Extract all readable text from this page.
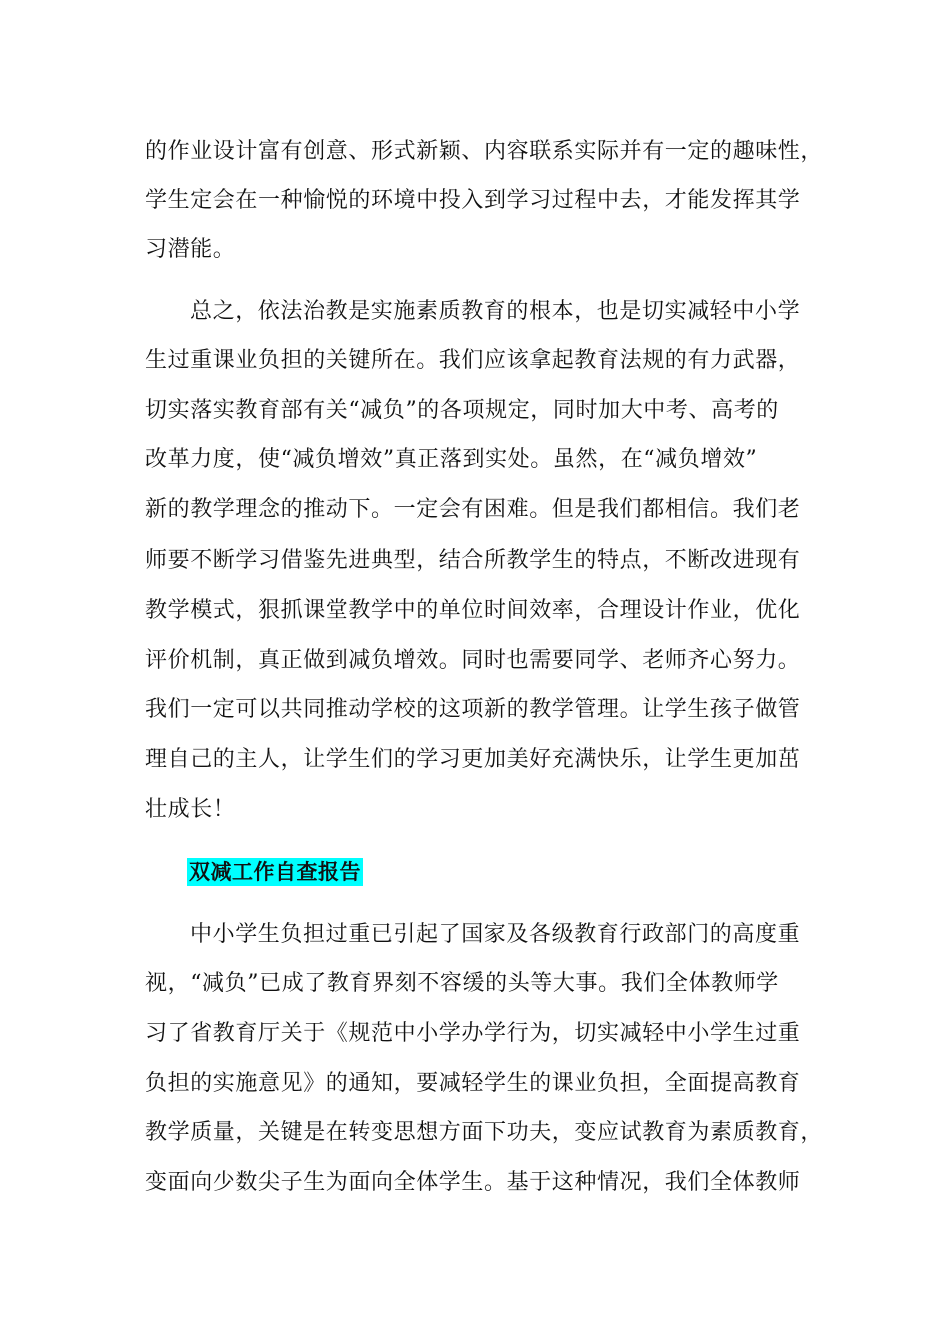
的作业设计富有创意、形式新颖、内容联系实际并有一定的趣味性，
学生定会在一种愉悦的环境中投入到学习过程中去，才能发挥其学
习潜能。
总之，依法治教是实施素质教育的根本，也是切实减轻中小学
生过重课业负担的关键所在。我们应该拿起教育法规的有力武器，
切实落实教育部有关“减负”的各项规定，同时加大中考、高考的
改革力度，使“减负增效”真正落到实处。虽然，在“减负增效”
新的教学理念的推动下。一定会有困难。但是我们都相信。我们老
师要不断学习借鉴先进典型，结合所教学生的特点，不断改进现有
教学模式，狠抓课堂教学中的单位时间效率，合理设计作业，优化
评价机制，真正做到减负增效。同时也需要同学、老师齐心努力。
我们一定可以共同推动学校的这项新的教学管理。让学生孩子做管
理自己的主人，让学生们的学习更加美好充满快乐，让学生更加茁
壮成长！
双减工作自查报告
中小学生负担过重已引起了国家及各级教育行政部门的高度重
视，“减负”已成了教育界刻不容缓的头等大事。我们全体教师学
习了省教育厅关于《规范中小学办学行为，切实减轻中小学生过重
负担的实施意见》的通知，要减轻学生的课业负担，全面提高教育
教学质量，关键是在转变思想方面下功夫，变应试教育为素质教育，
变面向少数尖子生为面向全体学生。基于这种情况，我们全体教师
